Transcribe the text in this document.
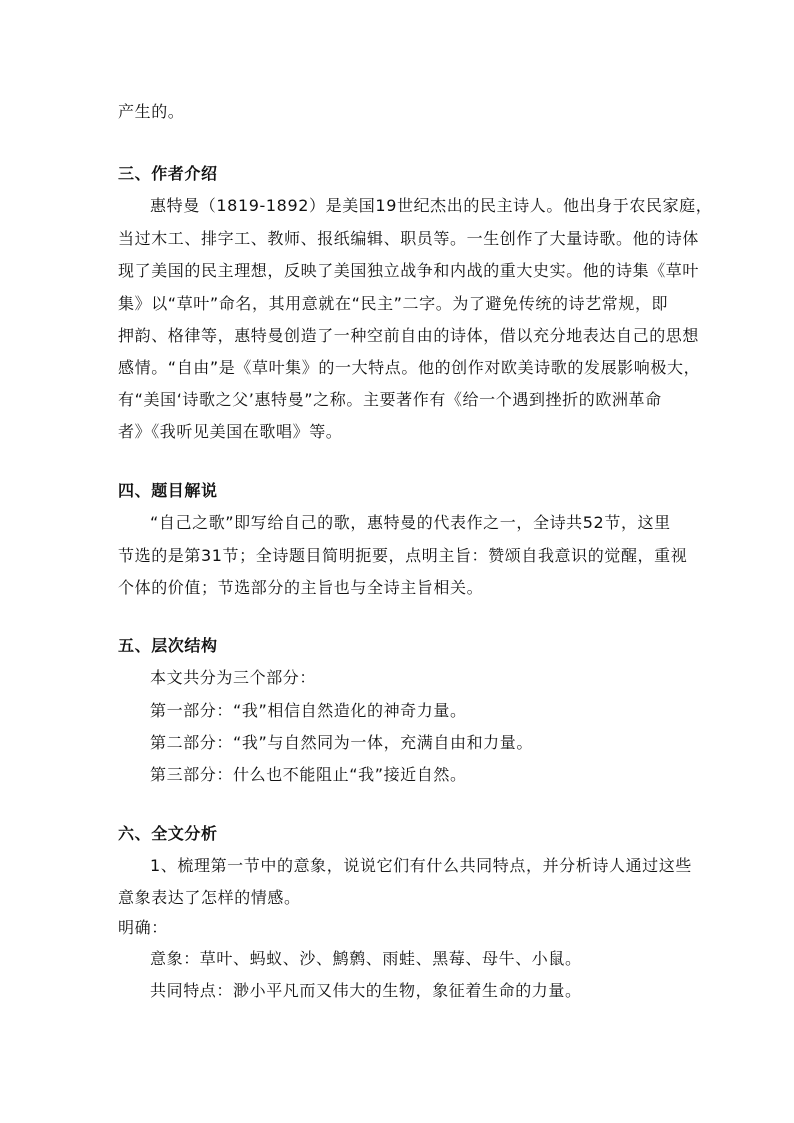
产生的。
三、作者介绍
惠特曼（1819-1892）是美国19世纪杰出的民主诗人。他出身于农民家庭，
当过木工、排字工、教师、报纸编辑、职员等。一生创作了大量诗歌。他的诗体
现了美国的民主理想，反映了美国独立战争和内战的重大史实。他的诗集《草叶
集》以“草叶”命名，其用意就在“民主”二字。为了避免传统的诗艺常规，即
押韵、格律等，惠特曼创造了一种空前自由的诗体，借以充分地表达自己的思想
感情。“自由”是《草叶集》的一大特点。他的创作对欧美诗歌的发展影响极大，
有“美国‘诗歌之父’惠特曼”之称。主要著作有《给一个遇到挫折的欧洲革命
者》《我听见美国在歌唱》等。
四、题目解说
“自己之歌”即写给自己的歌，惠特曼的代表作之一，全诗共52节，这里
节选的是第31节；全诗题目简明扼要，点明主旨：赞颂自我意识的觉醒，重视
个体的价值；节选部分的主旨也与全诗主旨相关。
五、层次结构
本文共分为三个部分：
第一部分：“我”相信自然造化的神奇力量。
第二部分：“我”与自然同为一体，充满自由和力量。
第三部分：什么也不能阻止“我”接近自然。
六、全文分析
1、梳理第一节中的意象，说说它们有什么共同特点，并分析诗人通过这些
意象表达了怎样的情感。
明确：
意象：草叶、蚂蚁、沙、鹪鹩、雨蛙、黑莓、母牛、小鼠。
共同特点：渺小平凡而又伟大的生物，象征着生命的力量。
